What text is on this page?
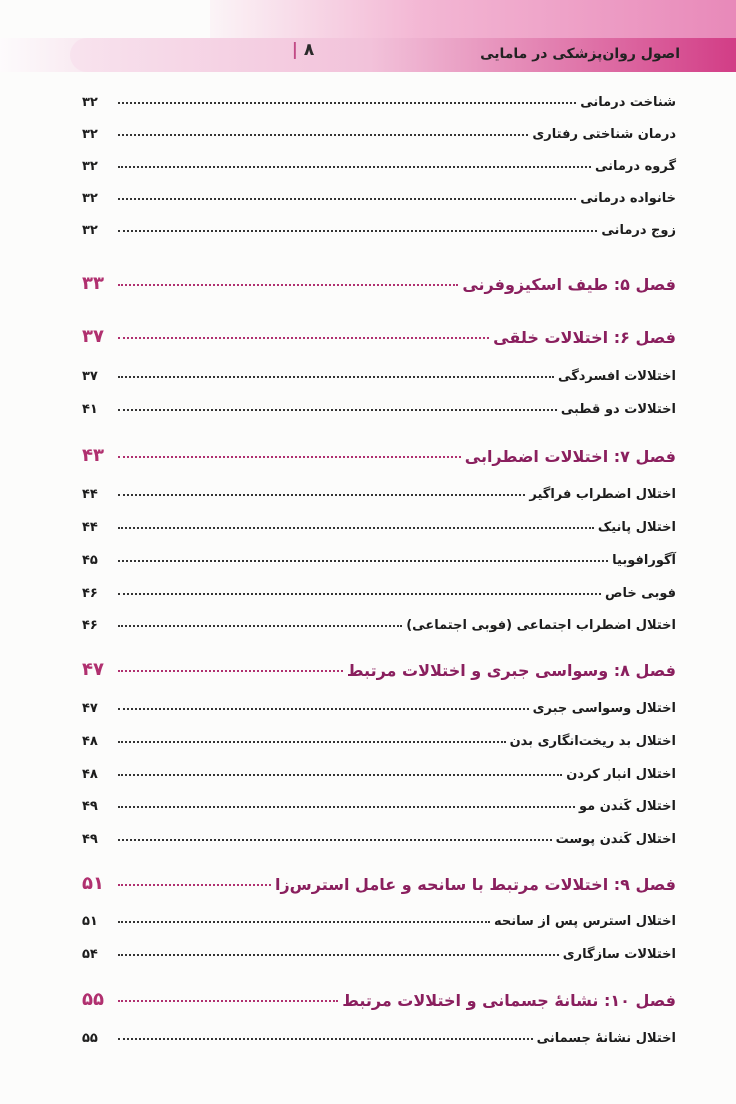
| ۸	اصول روان‌پزشکی در مامایی
شناخت درمانی
۳۲
درمان شناختی رفتاری
۳۲
گروه درمانی
۳۲
خانواده درمانی
۳۲
زوج درمانی
۳۲
فصل ۵: طیف اسکیزوفرنی
۳۳
فصل ۶: اختلالات خلقی
۳۷
اختلالات افسردگی
۳۷
اختلالات دو قطبی
۴۱
فصل ۷: اختلالات اضطرابی
۴۳
اختلال اضطراب فراگیر
۴۴
اختلال پانیک
۴۴
آگورافوبیا
۴۵
فوبی خاص
۴۶
اختلال اضطراب اجتماعی (فوبی اجتماعی)
۴۶
فصل ۸: وسواسی جبری و اختلالات مرتبط
۴۷
اختلال وسواسی جبری
۴۷
اختلال بد ریخت‌انگاری بدن
۴۸
اختلال انبار کردن
۴۸
اختلال کَندن مو
۴۹
اختلال کَندن پوست
۴۹
فصل ۹: اختلالات مرتبط با سانحه و عامل استرس‌زا
۵۱
اختلال استرس پس از سانحه
۵۱
اختلالات سازگاری
۵۴
فصل ۱۰: نشانهٔ جسمانی و اختلالات مرتبط
۵۵
اختلال نشانهٔ جسمانی
۵۵
